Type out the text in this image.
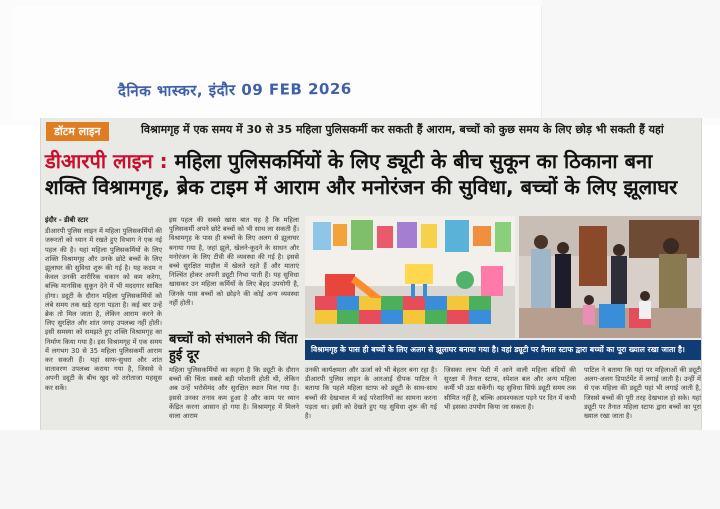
दैनिक भास्कर, इंदौर 09 FEB 2026
डॉटम लाइन	विश्रामगृह में एक समय में 30 से 35 महिला पुलिसकर्मी कर सकती हैं आराम, बच्चों को कुछ समय के लिए छोड़ भी सकती हैं यहां
डीआरपी लाइन : महिला पुलिसकर्मियों के लिए ड्यूटी के बीच सुकून का ठिकाना बना
शक्ति विश्रामगृह, ब्रेक टाइम में आराम और मनोरंजन की सुविधा, बच्चों के लिए झूलाघर
इंदौर - डीबी स्टार

डीआरपी पुलिस लाइन में महिला पुलिसकर्मियों की जरूरतों को ध्यान में रखते हुए विभाग ने एक नई पहल की है। यहां महिला पुलिसकर्मियों के लिए शक्ति विश्रामगृह और उनके छोटे बच्चों के लिए झूलाघर की सुविधा शुरू की गई है। यह कदम न केवल उनकी शारीरिक थकान को कम करेगा, बल्कि मानसिक सुकून देने में भी मददगार साबित होगा। ड्यूटी के दौरान महिला पुलिसकर्मियों को लंबे समय तक खड़े रहना पड़ता है। कई बार उन्हें ब्रेक तो मिल जाता है, लेकिन आराम करने के लिए सुरक्षित और शांत जगह उपलब्ध नहीं होती। इसी समस्या को समझते हुए शक्ति विश्रामगृह का निर्माण किया गया है। इस विश्रामगृह में एक समय में लगभग 30 से 35 महिला पुलिसकर्मी आराम कर सकती हैं। यहां साफ-सुथरा और शांत वातावरण उपलब्ध कराया गया है, जिससे वे अपनी ड्यूटी के बीच खुद को तरोताजा महसूस कर सकें।

इस पहल की सबसे खास बात यह है कि महिला पुलिसकर्मी अपने छोटे बच्चों को भी साथ ला सकती हैं। विश्रामगृह के पास ही बच्चों के लिए अलग से झूलाघर बनाया गया है, जहां झूले, खेलने-कूदने के साधन और मनोरंजन के लिए टीवी की व्यवस्था की गई है। इससे बच्चे सुरक्षित माहौल में खेलते रहते हैं और माताएं निश्चिंत होकर अपनी ड्यूटी निभा पाती हैं। यह सुविधा खासकर उन महिला कर्मियों के लिए बेहद उपयोगी है, जिनके पास बच्चों को छोड़ने की कोई अन्य व्यवस्था नहीं होती।

बच्चों को संभालने की चिंता हुई दूर

महिला पुलिसकर्मियों का कहना है कि ड्यूटी के दौरान बच्चों की चिंता सबसे बड़ी परेशानी होती थी, लेकिन अब उन्हें भरोसेमंद और सुरक्षित स्थान मिल गया है। इससे उनका तनाव कम हुआ है और काम पर ध्यान केंद्रित करना आसान हो गया है। विश्रामगृह में मिलने वाला आराम

विश्रामगृह के पास ही बच्चों के लिए अलग से झूलाघर बनाया गया है। वहां ड्यूटी पर तैनात स्टाफ द्वारा बच्चों का पूरा ख्याल रखा जाता है।

उनकी कार्यक्षमता और ऊर्जा को भी बेहतर बना रहा है। डीआरपी पुलिस लाइन के आरआई दीपक पाटिल ने बताया कि पहले महिला स्टाफ को ड्यूटी के साथ-साथ बच्चों की देखभाल में कई परेशानियों का सामना करना पड़ता था। इसी को देखते हुए यह सुविधा शुरू की गई है।

जिसका लाभ पेशी में आने वाली महिला बंदियों की सुरक्षा में तैनात स्टाफ, स्पेशल बल और अन्य महिला कर्मी भी उठा सकेंगी। यह सुविधा सिर्फ ड्यूटी समय तक सीमित नहीं है, बल्कि आवश्यकता पड़ने पर दिन में कभी भी इसका उपयोग किया जा सकता है।

पाटिल ने बताया कि यहां पर महिलाओं की ड्यूटी अलग-अलग डिपार्टमेंट में लगाई जाती है। उन्हीं में से एक महिला की ड्यूटी यहां भी लगाई जाती है, जिससे बच्चों की पूरी तरह देखभाल हो सके। यहां ड्यूटी पर तैनात महिला स्टाफ द्वारा बच्चों का पूरा ख्याल रखा जाता है।
